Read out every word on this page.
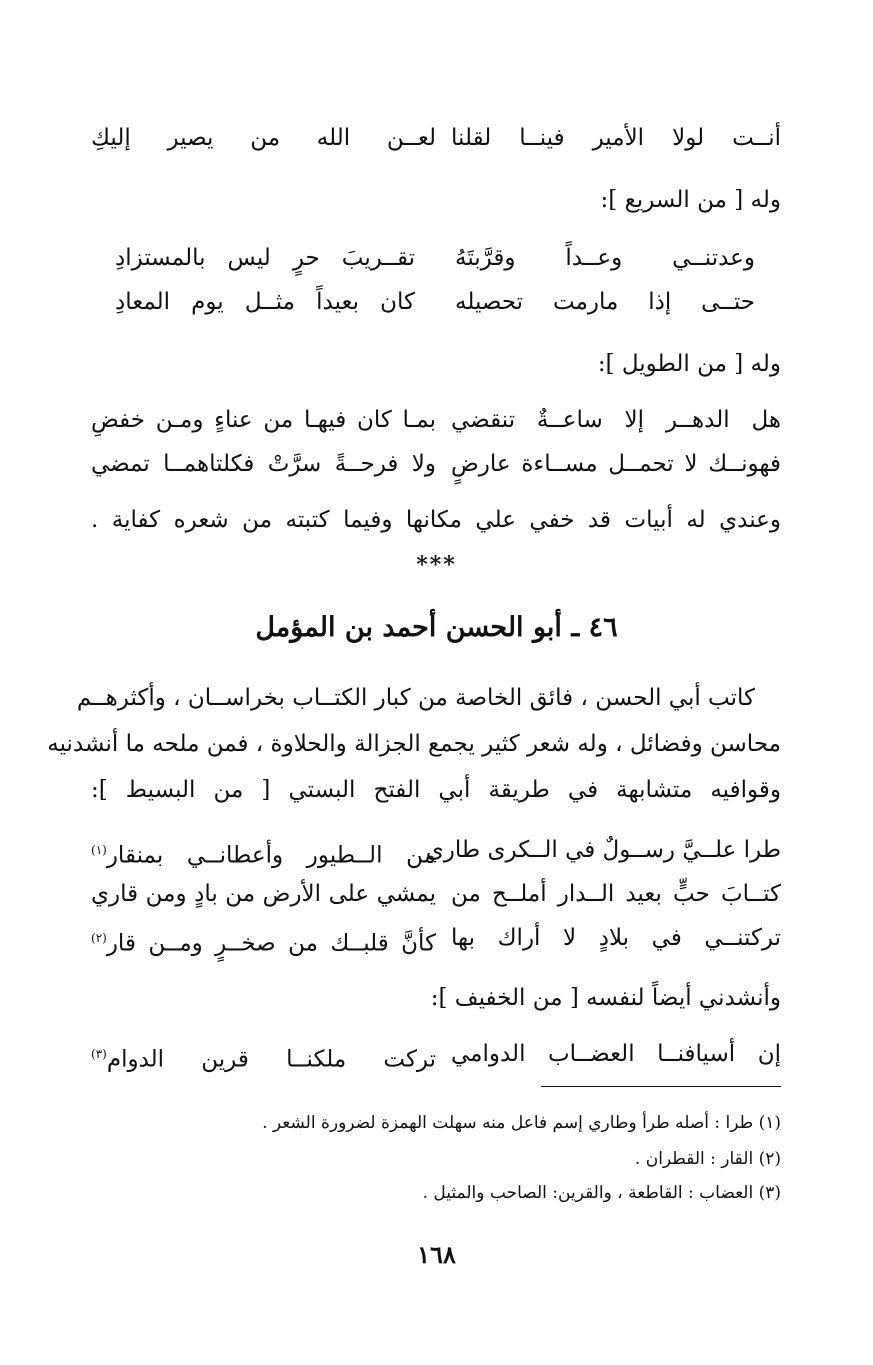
أنــت لولا الأمير فينــا لقلنا
لعــن الله من يصير إليكِ
وله [ من السريع ]:
وعدتنــي وعــداً وقرَّبتَهُ
تقــريبَ حرٍ ليس بالمستزادِ
حتــى إذا مارمت تحصيله
كان بعيداً مثــل يوم المعادِ
وله [ من الطويل ]:
هل الدهــر إلا ساعــةٌ تنقضي
بمـا كان فيهـا من عناءٍ ومـن خفضِ
فهونــك لا تحمــل مســاءة عارضٍ
ولا فرحــةً سرَّتْ فكلتاهمــا تمضي
وعندي له أبيات قد خفي علي مكانها وفيما كتبته من شعره كفاية .
***
٤٦ ـ أبو الحسن أحمد بن المؤمل
كاتب أبي الحسن ، فائق الخاصة من كبار الكتــاب بخراســان ، وأكثرهــم
محاسن وفضائل ، وله شعر كثير يجمع الجزالة والحلاوة ، فمن ملحه ما أنشدنيه
وقوافيه متشابهة في طريقة أبي الفتح البستي [ من البسيط ]:
طرا علــيَّ رســولٌ في الــكرى طاري
من الــطيور وأعطانــي بمنقار$^{(١)}$
كتــابَ حبٍّ بعيد الــدار أملــح من
يمشي على الأرض من بادٍ ومن قاري
تركتنــي في بلادٍ لا أراك بها
كأنَّ قلبــك من صخــرٍ ومــن قار$^{(٢)}$
وأنشدني أيضاً لنفسه [ من الخفيف ]:
إن أسيافنــا العضــاب الدوامي
تركت ملكنــا قرين الدوام$^{(٣)}$
(١) طرا : أصله طرأ وطاري إسم فاعل منه سهلت الهمزة لضرورة الشعر .
(٢) القار : القطران .
(٣) العضاب : القاطعة ، والقرين: الصاحب والمثيل .
١٦٨
